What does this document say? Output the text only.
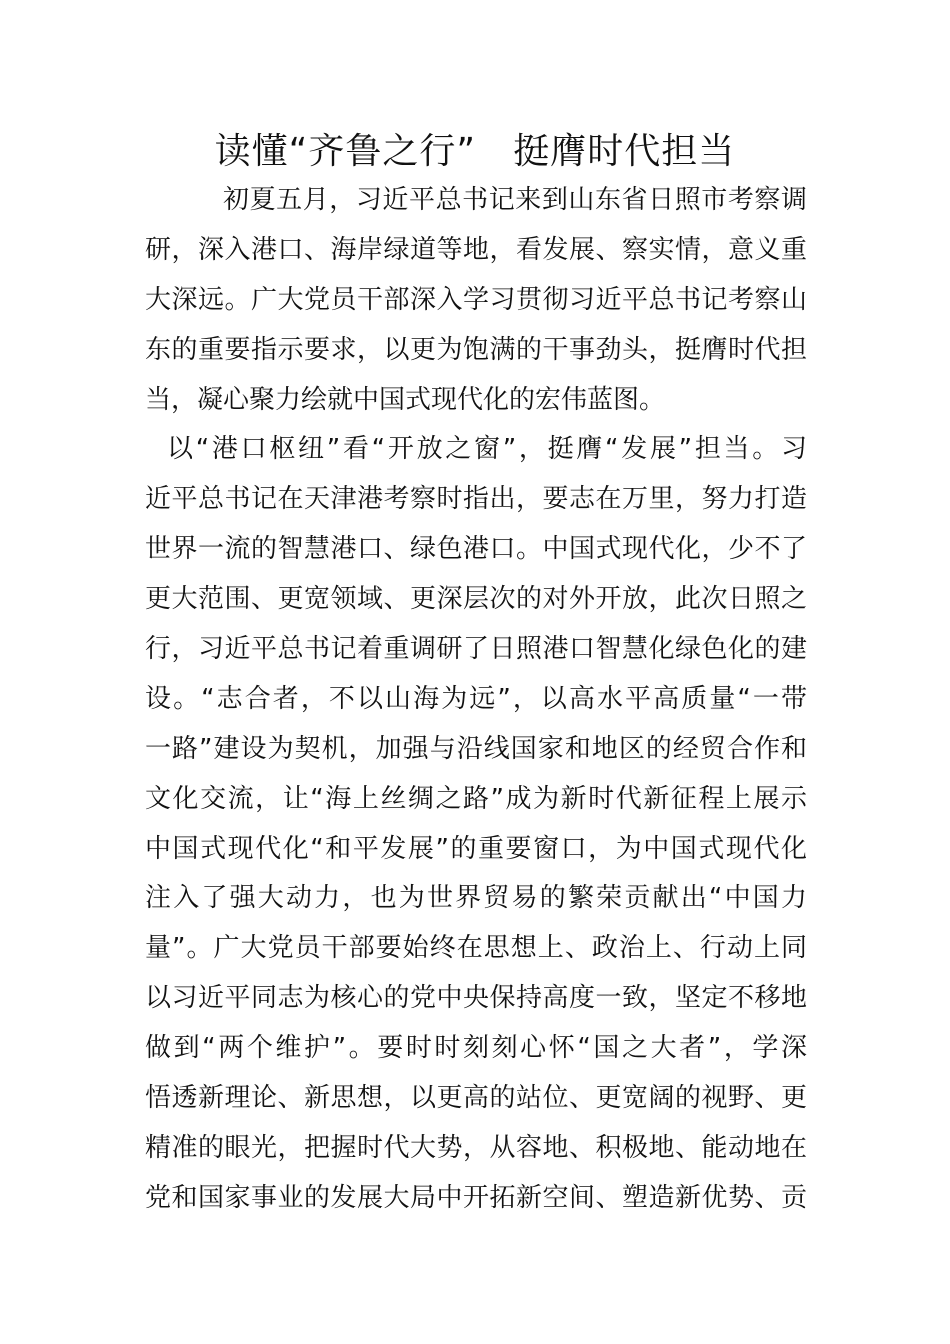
读懂“齐鲁之行”   挺膺时代担当
初夏五月，习近平总书记来到山东省日照市考察调
研，深入港口、海岸绿道等地，看发展、察实情，意义重
大深远。广大党员干部深入学习贯彻习近平总书记考察山
东的重要指示要求，以更为饱满的干事劲头，挺膺时代担
当，凝心聚力绘就中国式现代化的宏伟蓝图。
以“港口枢纽”看“开放之窗”，挺膺“发展”担当。习
近平总书记在天津港考察时指出，要志在万里，努力打造
世界一流的智慧港口、绿色港口。中国式现代化，少不了
更大范围、更宽领域、更深层次的对外开放，此次日照之
行，习近平总书记着重调研了日照港口智慧化绿色化的建
设。“志合者，不以山海为远”，以高水平高质量“一带
一路”建设为契机，加强与沿线国家和地区的经贸合作和
文化交流，让“海上丝绸之路”成为新时代新征程上展示
中国式现代化“和平发展”的重要窗口，为中国式现代化
注入了强大动力，也为世界贸易的繁荣贡献出“中国力
量”。广大党员干部要始终在思想上、政治上、行动上同
以习近平同志为核心的党中央保持高度一致，坚定不移地
做到“两个维护”。要时时刻刻心怀“国之大者”，学深
悟透新理论、新思想，以更高的站位、更宽阔的视野、更
精准的眼光，把握时代大势，从容地、积极地、能动地在
党和国家事业的发展大局中开拓新空间、塑造新优势、贡
